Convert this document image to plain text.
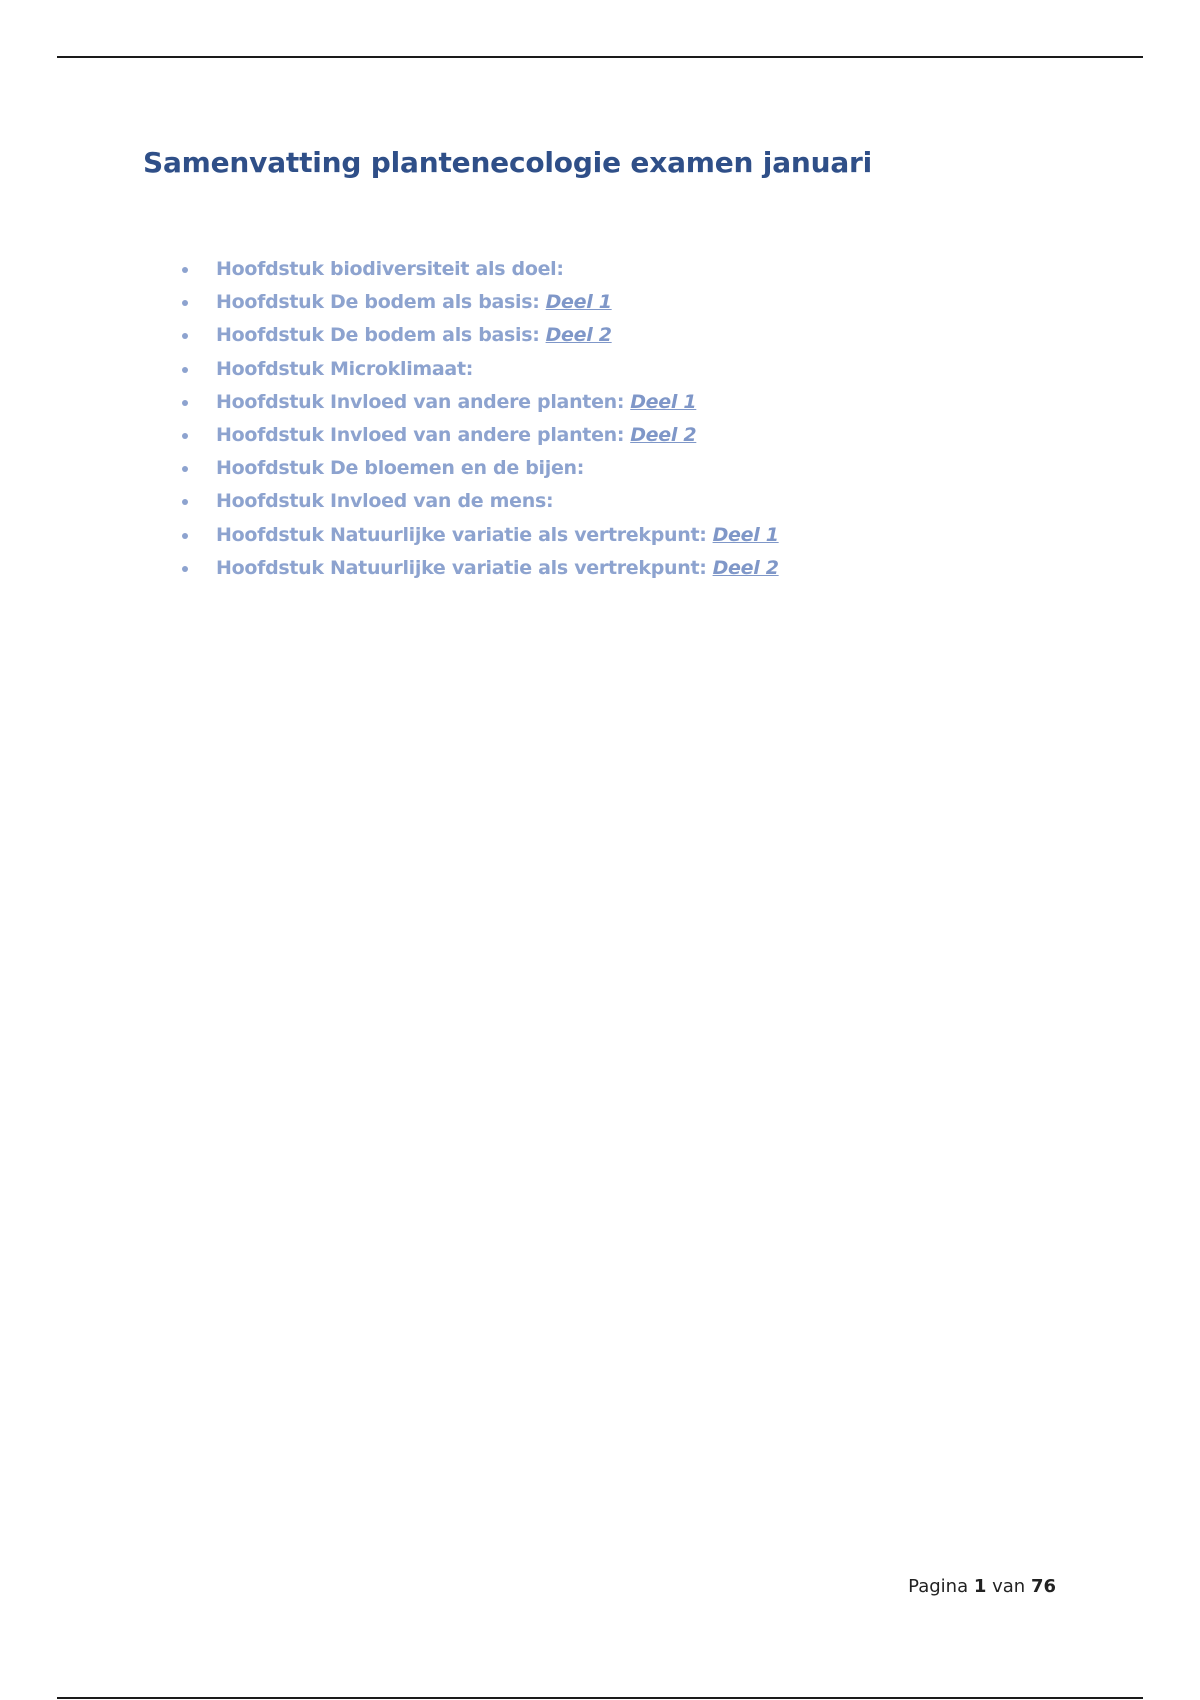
Samenvatting plantenecologie examen januari
Hoofdstuk biodiversiteit als doel:
Hoofdstuk De bodem als basis: Deel 1
Hoofdstuk De bodem als basis: Deel 2
Hoofdstuk Microklimaat:
Hoofdstuk Invloed van andere planten: Deel 1
Hoofdstuk Invloed van andere planten: Deel 2
Hoofdstuk De bloemen en de bijen:
Hoofdstuk Invloed van de mens:
Hoofdstuk Natuurlijke variatie als vertrekpunt: Deel 1
Hoofdstuk Natuurlijke variatie als vertrekpunt: Deel 2
Pagina 1 van 76
